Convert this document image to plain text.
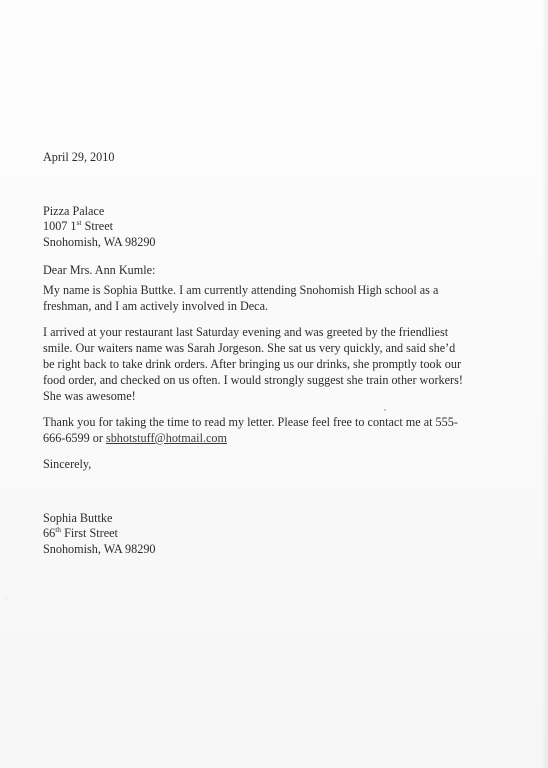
April 29, 2010
Pizza Palace
1007 1st Street
Snohomish, WA 98290
Dear Mrs. Ann Kumle:
My name is Sophia Buttke. I am currently attending Snohomish High school as a
freshman, and I am actively involved in Deca.
I arrived at your restaurant last Saturday evening and was greeted by the friendliest
smile. Our waiters name was Sarah Jorgeson. She sat us very quickly, and said she’d
be right back to take drink orders. After bringing us our drinks, she promptly took our
food order, and checked on us often. I would strongly suggest she train other workers!
She was awesome!
Thank you for taking the time to read my letter. Please feel free to contact me at 555-
666-6599 or sbhotstuff@hotmail.com
Sincerely,
Sophia Buttke
66th First Street
Snohomish, WA 98290
